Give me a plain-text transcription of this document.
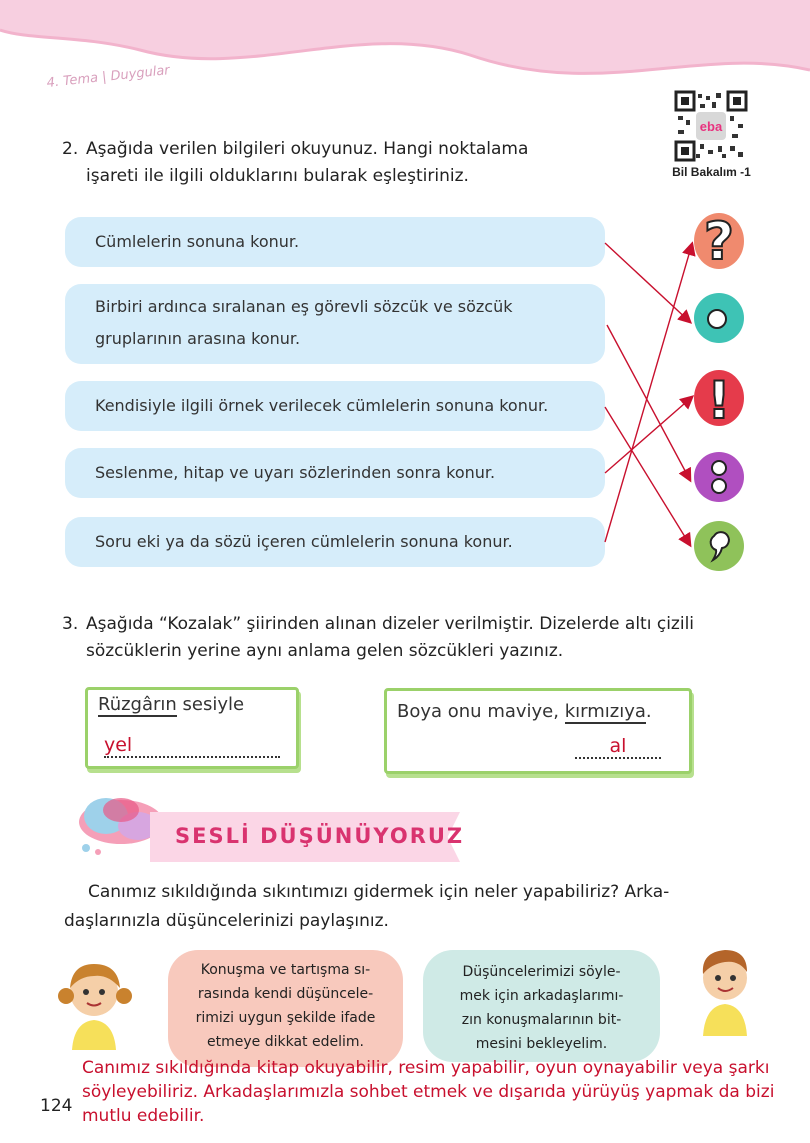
4. Tema | Duygular
eba
Bil Bakalım -1
2. Aşağıda verilen bilgileri okuyunuz. Hangi noktalama
işareti ile ilgili olduklarını bularak eşleştiriniz.
Cümlelerin sonuna konur.
Birbiri ardınca sıralanan eş görevli sözcük ve sözcük
gruplarının arasına konur.
Kendisiyle ilgili örnek verilecek cümlelerin sonuna konur.
Seslenme, hitap ve uyarı sözlerinden sonra konur.
Soru eki ya da sözü içeren cümlelerin sonuna konur.
?
!
3. Aşağıda “Kozalak” şiirinden alınan dizeler verilmiştir. Dizelerde altı çizili
sözcüklerin yerine aynı anlama gelen sözcükleri yazınız.
Rüzgârın sesiyle
yel
Boya onu maviye, kırmızıya.
al
SESLİ DÜŞÜNÜYORUZ
Canımız sıkıldığında sıkıntımızı gidermek için neler yapabiliriz? Arka-
daşlarınızla düşüncelerinizi paylaşınız.
Konuşma ve tartışma sı-
rasında kendi düşüncele-
rimizi uygun şekilde ifade
etmeye dikkat edelim.
Düşüncelerimizi söyle-
mek için arkadaşlarımı-
zın konuşmalarının bit-
mesini bekleyelim.
Canımız sıkıldığında kitap okuyabilir, resim yapabilir, oyun oynayabilir veya şarkı
söyleyebiliriz. Arkadaşlarımızla sohbet etmek ve dışarıda yürüyüş yapmak da bizi
mutlu edebilir.
124
